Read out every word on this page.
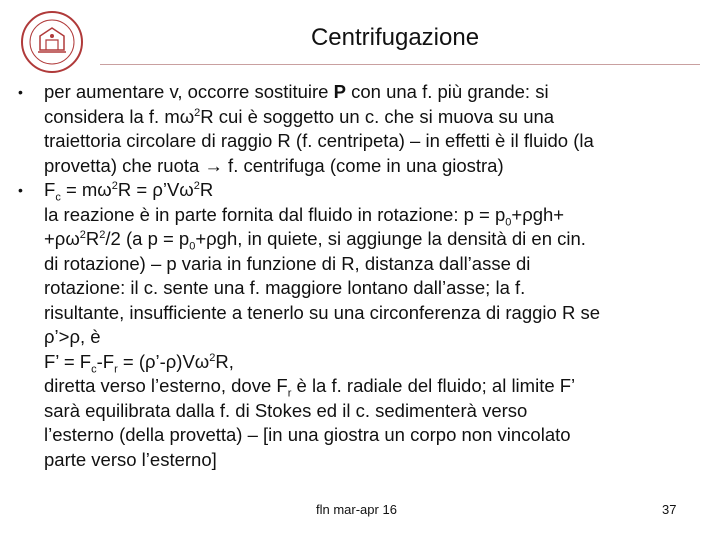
Centrifugazione
• per aumentare v, occorre sostituire P con una f. più grande: si
considera la f. $m\omega^2R$ cui è soggetto un c. che si muova su una
traiettoria circolare di raggio R (f. centripeta) – in effetti è il fluido (la
provetta) che ruota → f. centrifuga (come in una giostra)
• $F_c = m\omega^2R$ = $\rho’V\omega^2R$
la reazione è in parte fornita dal fluido in rotazione: $p = p_0+\rho gh+$
$+\rho\omega^2R^2/2$ (a $p = p_0+\rho gh$, in quiete, si aggiunge la densità di en cin.
di rotazione) – p varia in funzione di R, distanza dall’asse di
rotazione: il c. sente una f. maggiore lontano dall’asse; la f.
risultante, insufficiente a tenerlo su una circonferenza di raggio R se
ρ’>ρ, è
F’ = $F_c-F_r$ = $(\rho’-\rho)V\omega^2R$,
diretta verso l’esterno, dove $F_r$ è la f. radiale del fluido; al limite F’
sarà equilibrata dalla f. di Stokes ed il c. sedimenterà verso
l’esterno (della provetta) – [in una giostra un corpo non vincolato
parte verso l’esterno]
fln mar-apr 16	37
